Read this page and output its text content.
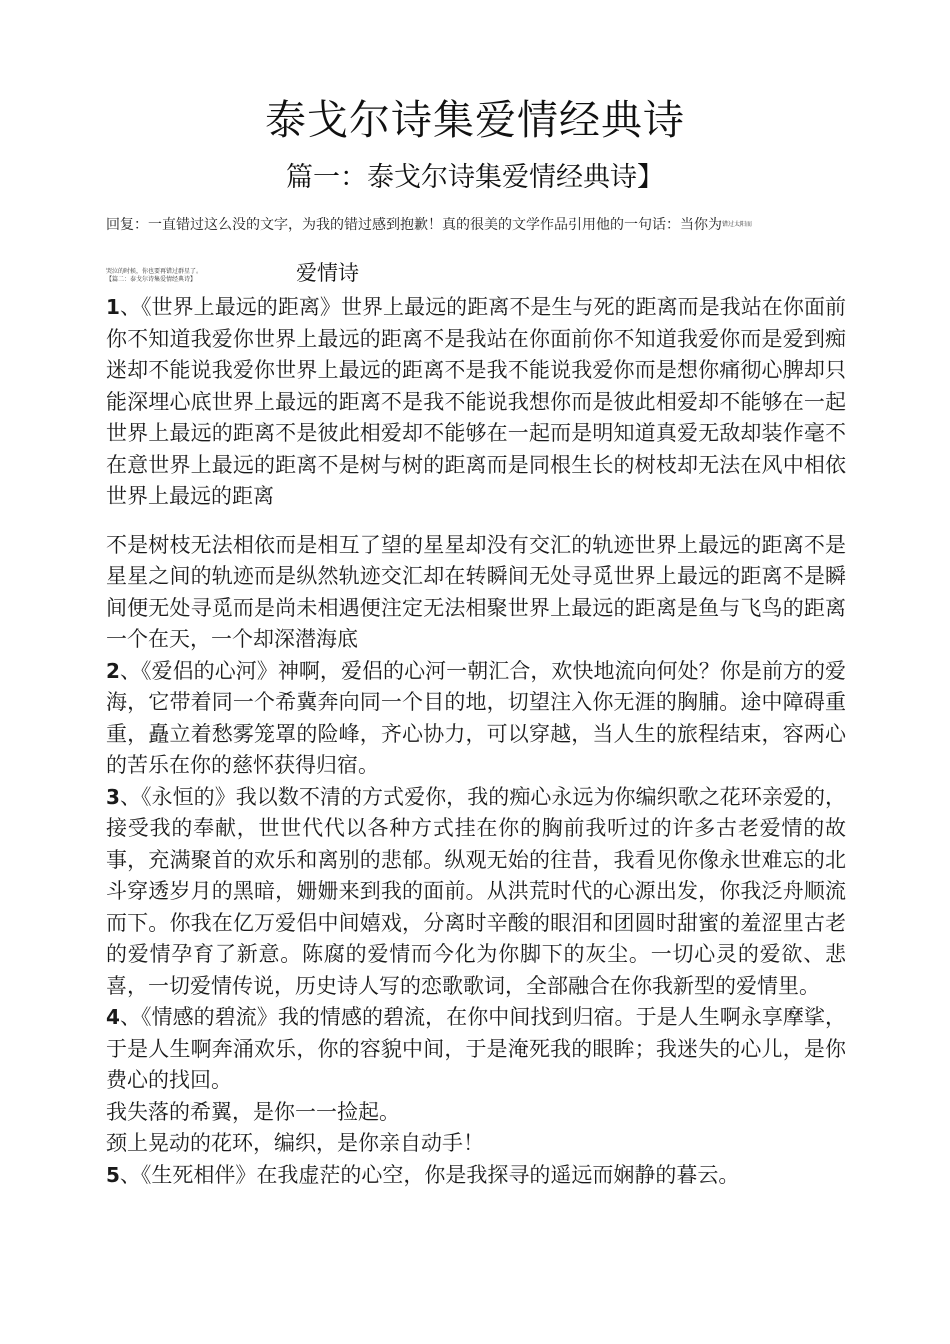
泰戈尔诗集爱情经典诗
篇一：泰戈尔诗集爱情经典诗】
回复：一直错过这么没的文字，为我的错过感到抱歉！真的很美的文学作品引用他的一句话：当你为$^{错过太阳而}$
哭泣的时候，你也要再错过群星了。
【篇二：泰戈尔诗集爱情经典诗】	爱情诗

1、《世界上最远的距离》世界上最远的距离不是生与死的距离而是我站在你面前你不知道我爱你世界上最远的距离不是我站在你面前你不知道我爱你而是爱到痴迷却不能说我爱你世界上最远的距离不是我不能说我爱你而是想你痛彻心脾却只能深埋心底世界上最远的距离不是我不能说我想你而是彼此相爱却不能够在一起世界上最远的距离不是彼此相爱却不能够在一起而是明知道真爱无敌却装作毫不在意世界上最远的距离不是树与树的距离而是同根生长的树枝却无法在风中相依世界上最远的距离

不是树枝无法相依而是相互了望的星星却没有交汇的轨迹世界上最远的距离不是星星之间的轨迹而是纵然轨迹交汇却在转瞬间无处寻觅世界上最远的距离不是瞬间便无处寻觅而是尚未相遇便注定无法相聚世界上最远的距离是鱼与飞鸟的距离一个在天，一个却深潜海底

2、《爱侣的心河》神啊，爱侣的心河一朝汇合，欢快地流向何处？你是前方的爱海，它带着同一个希冀奔向同一个目的地，切望注入你无涯的胸脯。途中障碍重重，矗立着愁雾笼罩的险峰，齐心协力，可以穿越，当人生的旅程结束，容两心的苦乐在你的慈怀获得归宿。

3、《永恒的》我以数不清的方式爱你，我的痴心永远为你编织歌之花环亲爱的，接受我的奉献，世世代代以各种方式挂在你的胸前我听过的许多古老爱情的故事，充满聚首的欢乐和离别的悲郁。纵观无始的往昔，我看见你像永世难忘的北斗穿透岁月的黑暗，姗姗来到我的面前。从洪荒时代的心源出发，你我泛舟顺流而下。你我在亿万爱侣中间嬉戏，分离时辛酸的眼泪和团圆时甜蜜的羞涩里古老的爱情孕育了新意。陈腐的爱情而今化为你脚下的灰尘。一切心灵的爱欲、悲喜，一切爱情传说，历史诗人写的恋歌歌词，全部融合在你我新型的爱情里。

4、《情感的碧流》我的情感的碧流，在你中间找到归宿。于是人生啊永享摩挲，于是人生啊奔涌欢乐，你的容貌中间，于是淹死我的眼眸；我迷失的心儿，是你费心的找回。

我失落的希翼，是你一一捡起。

颈上晃动的花环，编织，是你亲自动手！

5、《生死相伴》在我虚茫的心空，你是我探寻的遥远而娴静的暮云。
